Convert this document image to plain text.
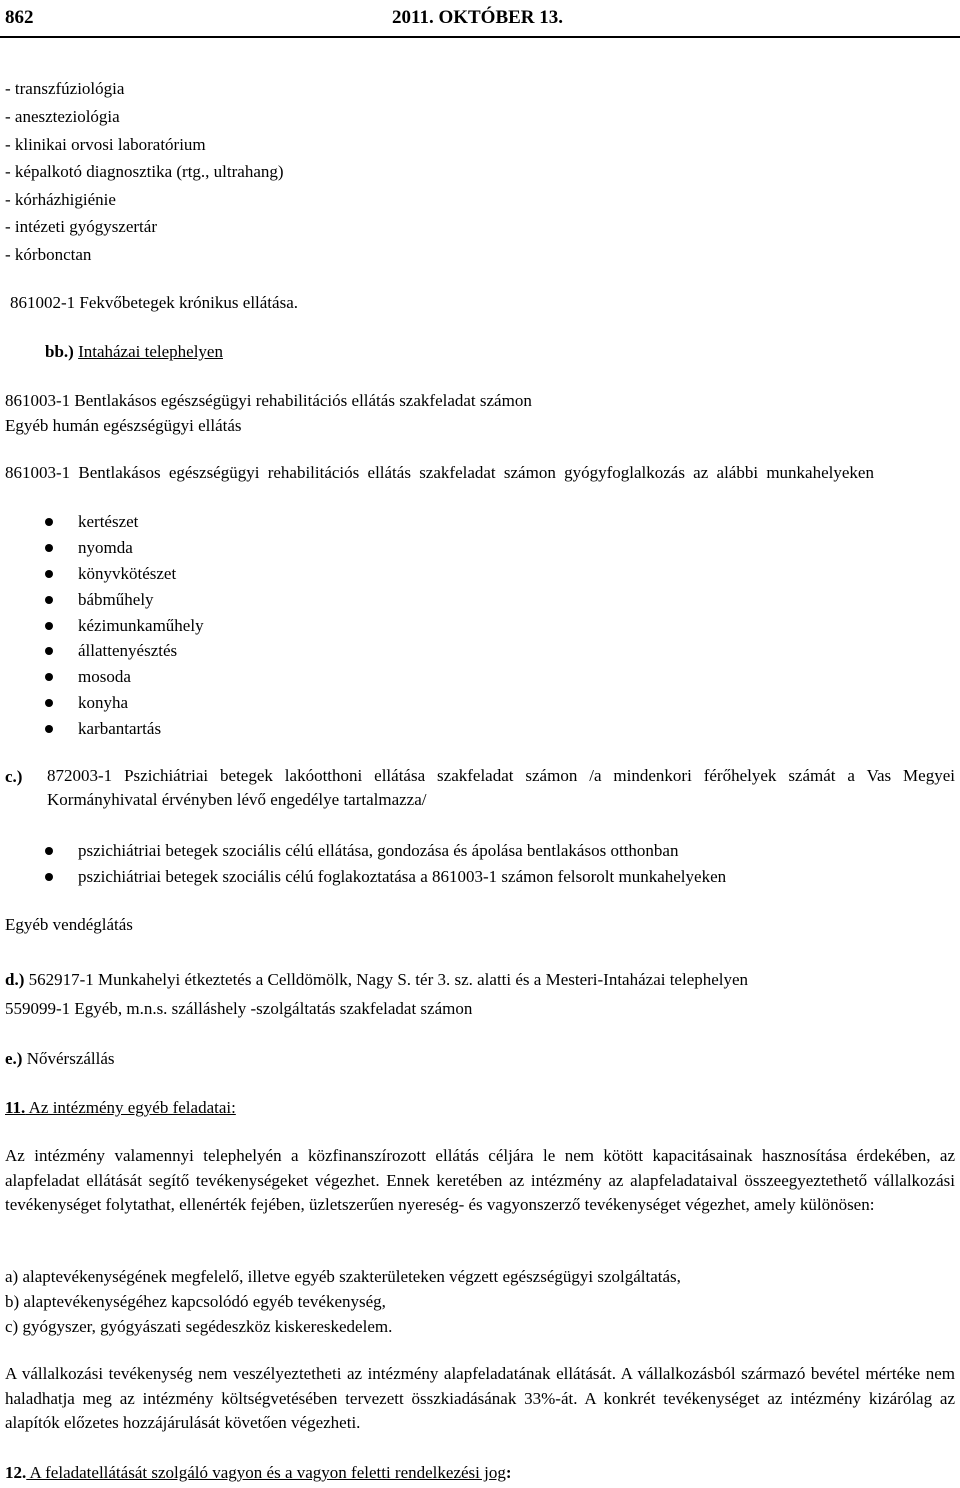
862	2011. OKTÓBER 13.
- transzfúziológia
- aneszteziológia
- klinikai orvosi laboratórium
- képalkotó diagnosztika (rtg., ultrahang)
- kórházhigiénie
- intézeti gyógyszertár
- kórbonctan
861002-1 Fekvőbetegek krónikus ellátása.
bb.) Intaházai telephelyen
861003-1 Bentlakásos egészségügyi rehabilitációs ellátás szakfeladat számon
Egyéb humán egészségügyi ellátás
861003-1 Bentlakásos egészségügyi rehabilitációs ellátás szakfeladat számon gyógyfoglalkozás az alábbi munkahelyeken
kertészet
nyomda
könyvkötészet
bábműhely
kézimunkaműhely
állattenyésztés
mosoda
konyha
karbantartás
c.) 872003-1 Pszichiátriai betegek lakóotthoni ellátása szakfeladat számon /a mindenkori férőhelyek számát a Vas Megyei Kormányhivatal érvényben lévő engedélye tartalmazza/
pszichiátriai betegek szociális célú ellátása, gondozása és ápolása bentlakásos otthonban
pszichiátriai betegek szociális célú foglakoztatása a 861003-1 számon felsorolt munkahelyeken
Egyéb vendéglátás
d.) 562917-1 Munkahelyi étkeztetés a Celldömölk, Nagy S. tér 3. sz. alatti és a Mesteri-Intaházai telephelyen
559099-1 Egyéb, m.n.s. szálláshely -szolgáltatás szakfeladat számon
e.) Nővérszállás
11. Az intézmény egyéb feladatai:
Az intézmény valamennyi telephelyén a közfinanszírozott ellátás céljára le nem kötött kapacitásainak hasznosítása érdekében, az alapfeladat ellátását segítő tevékenységeket végezhet. Ennek keretében az intézmény az alapfeladataival összeegyeztethető vállalkozási tevékenységet folytathat, ellenérték fejében, üzletszerűen nyereség- és vagyonszerző tevékenységet végezhet, amely különösen:
a) alaptevékenységének megfelelő, illetve egyéb szakterületeken végzett egészségügyi szolgáltatás,
b) alaptevékenységéhez kapcsolódó egyéb tevékenység,
c) gyógyszer, gyógyászati segédeszköz kiskereskedelem.
A vállalkozási tevékenység nem veszélyeztetheti az intézmény alapfeladatának ellátását. A vállalkozásból származó bevétel mértéke nem haladhatja meg az intézmény költségvetésében tervezett összkiadásának 33%-át. A konkrét tevékenységet az intézmény kizárólag az alapítók előzetes hozzájárulását követően végezheti.
12. A feladatellátását szolgáló vagyon és a vagyon feletti rendelkezési jog:
